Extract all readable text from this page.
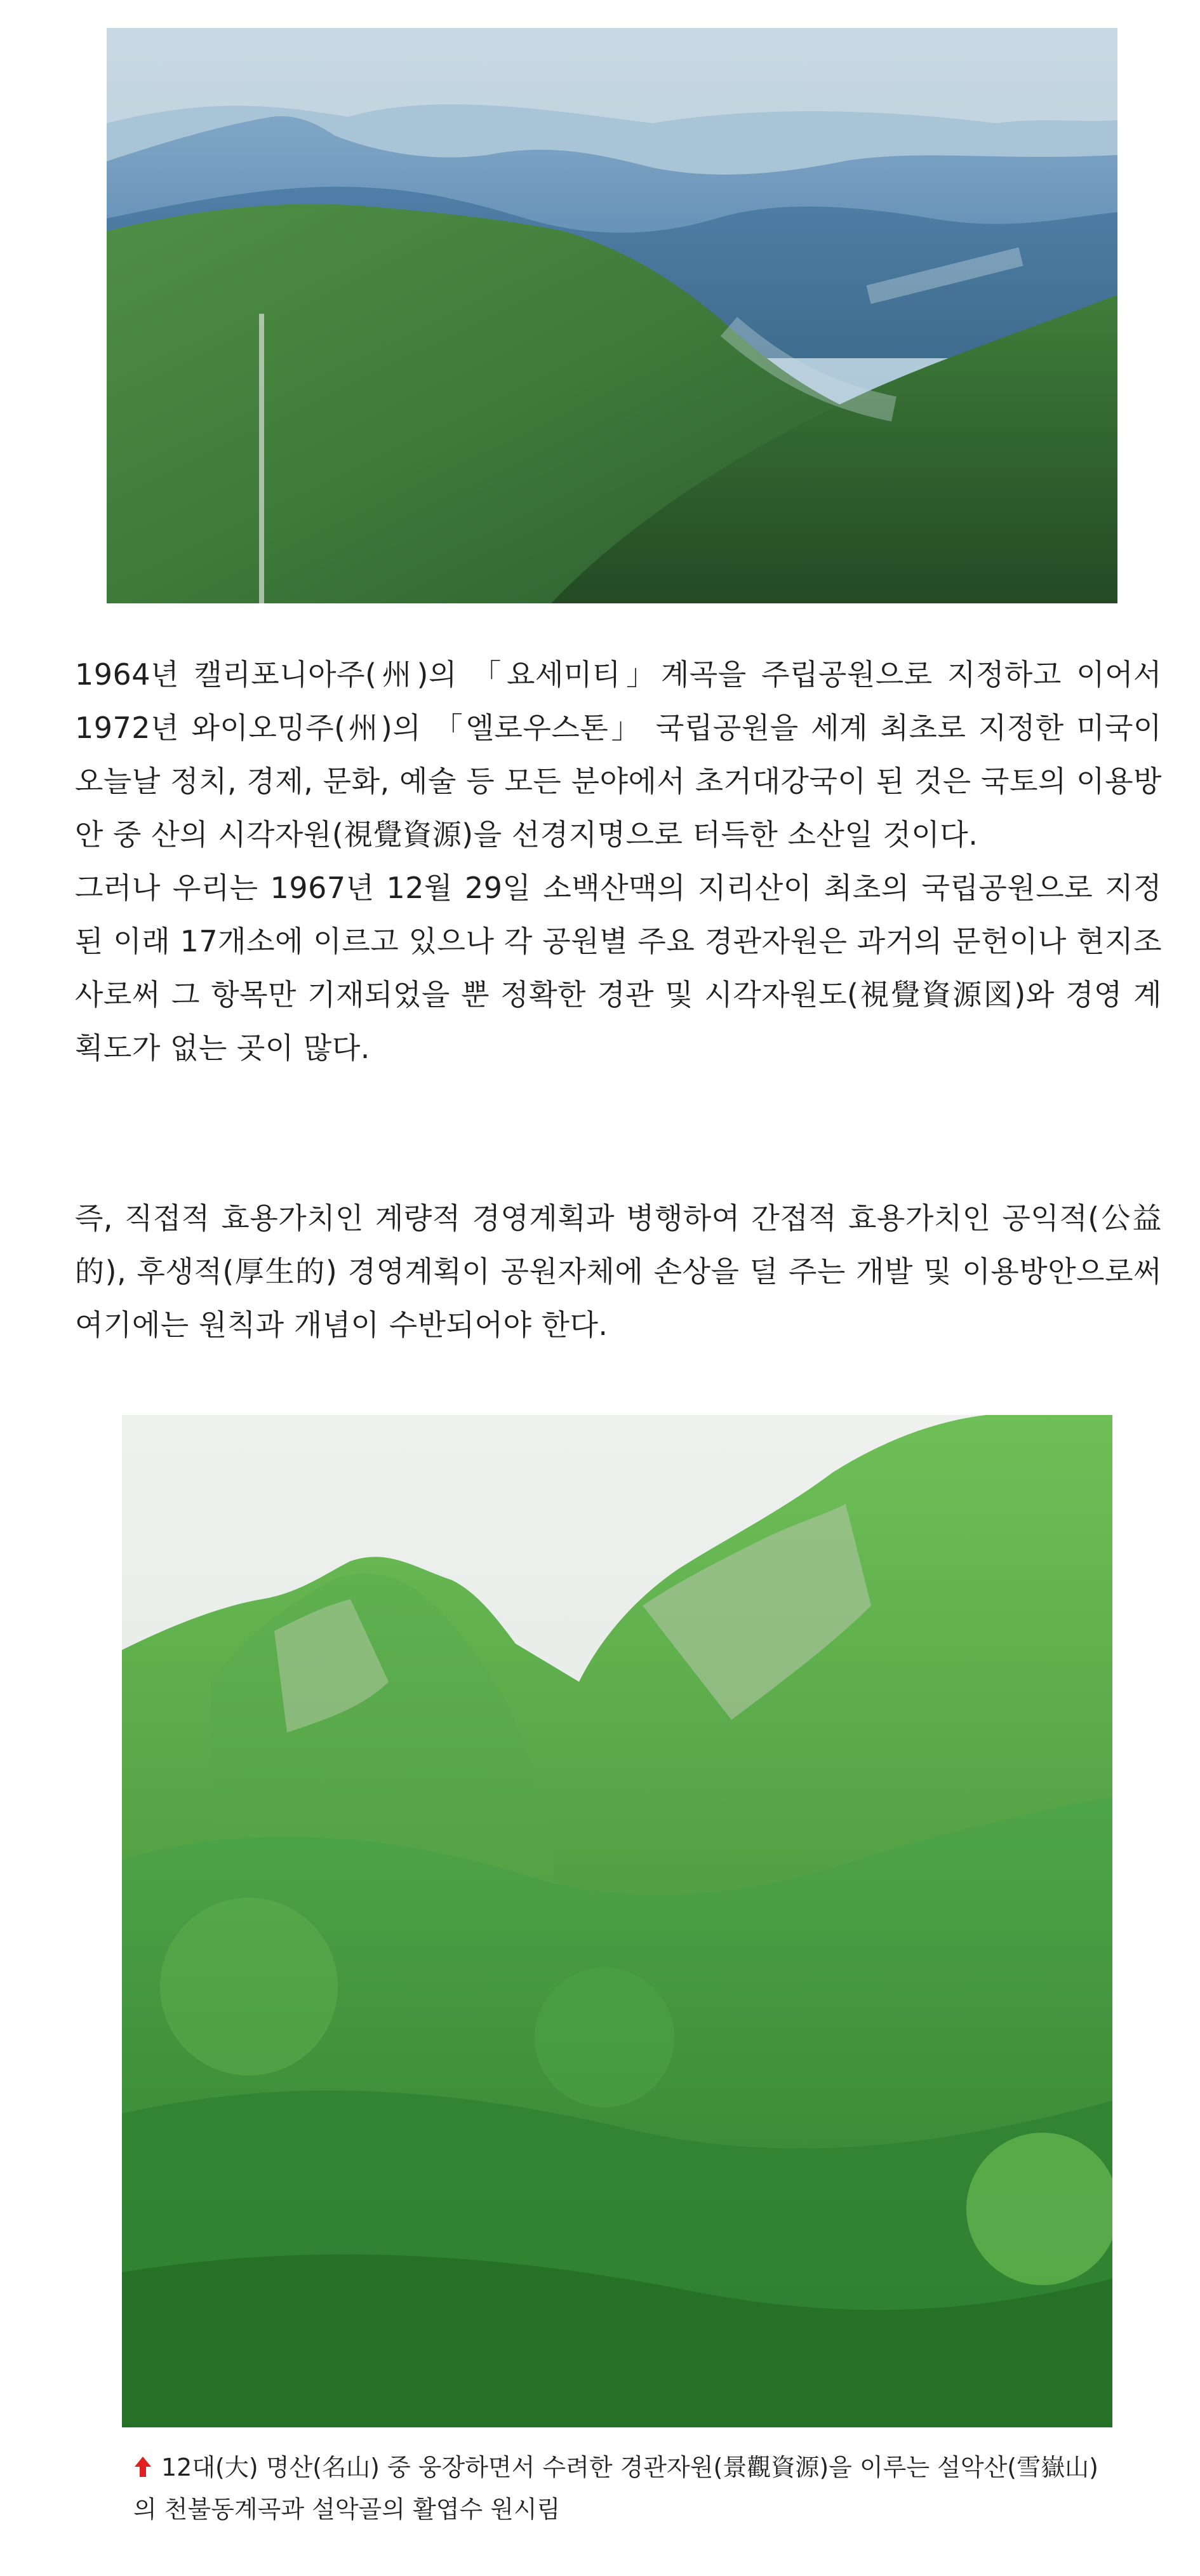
1964년 캘리포니아주(州)의 「요세미티」계곡을 주립공원으로 지정하고 이어서 1972년 와이오밍주(州)의 「엘로우스톤」 국립공원을 세계 최초로 지정한 미국이 오늘날 정치, 경제, 문화, 예술 등 모든 분야에서 초거대강국이 된 것은 국토의 이용방안 중 산의 시각자원(視覺資源)을 선경지명으로 터득한 소산일 것이다.

그러나 우리는 1967년 12월 29일 소백산맥의 지리산이 최초의 국립공원으로 지정된 이래 17개소에 이르고 있으나 각 공원별 주요 경관자원은 과거의 문헌이나 현지조사로써 그 항목만 기재되었을 뿐 정확한 경관 및 시각자원도(視覺資源図)와 경영 계획도가 없는 곳이 많다.

즉, 직접적 효용가치인 계량적 경영계획과 병행하여 간접적 효용가치인 공익적(公益的), 후생적(厚生的) 경영계획이 공원자체에 손상을 덜 주는 개발 및 이용방안으로써 여기에는 원칙과 개념이 수반되어야 한다.

12대(大) 명산(名山) 중 웅장하면서 수려한 경관자원(景觀資源)을 이루는 설악산(雪嶽山)의 천불동계곡과 설악골의 활엽수 원시림
